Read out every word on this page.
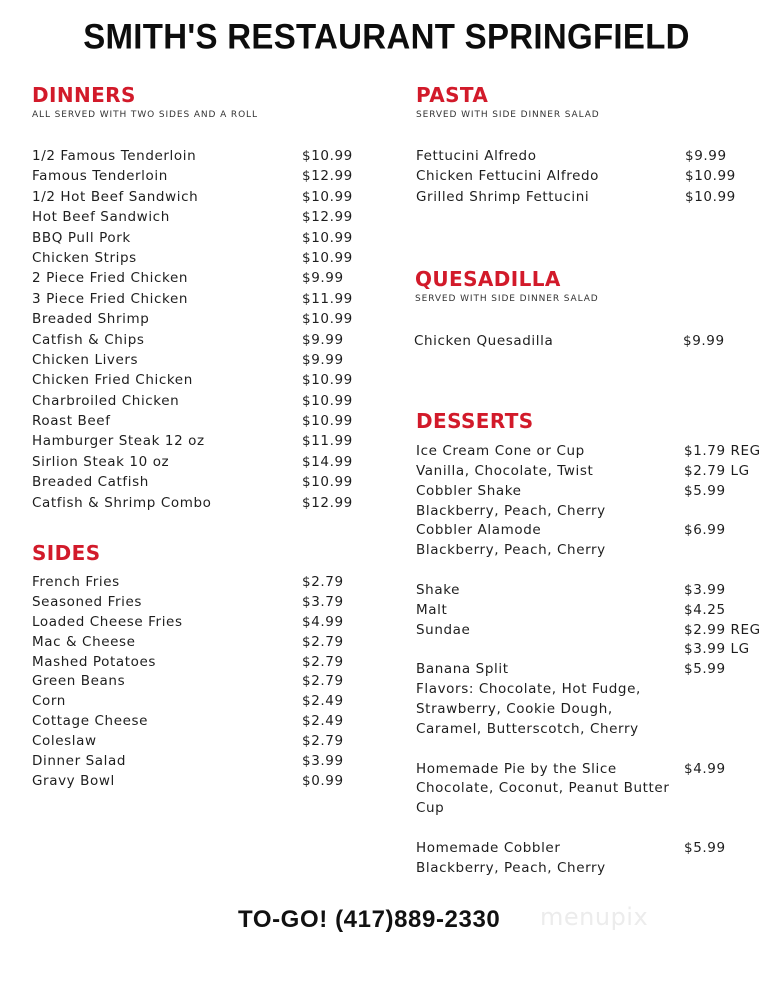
SMITH'S RESTAURANT SPRINGFIELD
DINNERS
ALL SERVED WITH TWO SIDES AND A ROLL
1/2 Famous Tenderloin	$10.99
Famous Tenderloin	$12.99
1/2 Hot Beef Sandwich	$10.99
Hot Beef Sandwich	$12.99
BBQ Pull Pork	$10.99
Chicken Strips	$10.99
2 Piece Fried Chicken	$9.99
3 Piece Fried Chicken	$11.99
Breaded Shrimp	$10.99
Catfish & Chips	$9.99
Chicken Livers	$9.99
Chicken Fried Chicken	$10.99
Charbroiled Chicken	$10.99
Roast Beef	$10.99
Hamburger Steak 12 oz	$11.99
Sirlion Steak 10 oz	$14.99
Breaded Catfish	$10.99
Catfish & Shrimp Combo	$12.99
SIDES
French Fries	$2.79
Seasoned Fries	$3.79
Loaded Cheese Fries	$4.99
Mac & Cheese	$2.79
Mashed Potatoes	$2.79
Green Beans	$2.79
Corn	$2.49
Cottage Cheese	$2.49
Coleslaw	$2.79
Dinner Salad	$3.99
Gravy Bowl	$0.99
PASTA
SERVED WITH SIDE DINNER SALAD
Fettucini Alfredo	$9.99
Chicken Fettucini Alfredo	$10.99
Grilled Shrimp Fettucini	$10.99
QUESADILLA
SERVED WITH SIDE DINNER SALAD
Chicken Quesadilla	$9.99
DESSERTS
Ice Cream Cone or Cup	$1.79 REG
Vanilla, Chocolate, Twist	$2.79 LG
Cobbler Shake	$5.99
Blackberry, Peach, Cherry
Cobbler Alamode	$6.99
Blackberry, Peach, Cherry
Shake	$3.99
Malt	$4.25
Sundae	$2.99 REG
$3.99 LG
Banana Split	$5.99
Flavors: Chocolate, Hot Fudge,
Strawberry, Cookie Dough,
Caramel, Butterscotch, Cherry
Homemade Pie by the Slice	$4.99
Chocolate, Coconut, Peanut Butter
Cup
Homemade Cobbler	$5.99
Blackberry, Peach, Cherry
TO-GO! (417)889-2330 menupix
